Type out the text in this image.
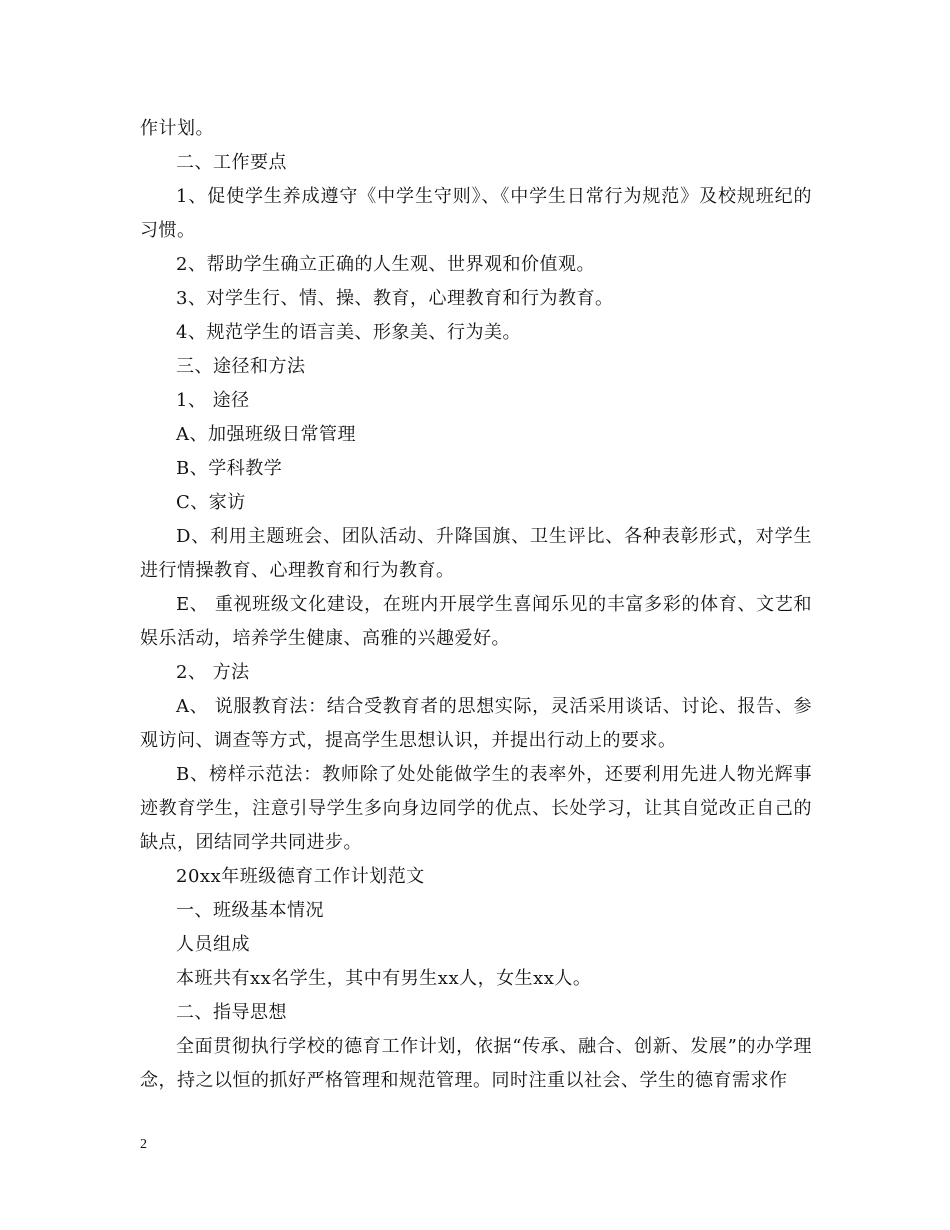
作计划。

二、工作要点

1、促使学生养成遵守《中学生守则》、《中学生日常行为规范》及校规班纪的习惯。

2、帮助学生确立正确的人生观、世界观和价值观。

3、对学生行、情、操、教育，心理教育和行为教育。

4、规范学生的语言美、形象美、行为美。

三、途径和方法

1、 途径

A、加强班级日常管理

B、学科教学

C、家访

D、利用主题班会、团队活动、升降国旗、卫生评比、各种表彰形式，对学生进行情操教育、心理教育和行为教育。

E、 重视班级文化建设，在班内开展学生喜闻乐见的丰富多彩的体育、文艺和娱乐活动，培养学生健康、高雅的兴趣爱好。

2、 方法

A、 说服教育法：结合受教育者的思想实际，灵活采用谈话、讨论、报告、参观访问、调查等方式，提高学生思想认识，并提出行动上的要求。

B、榜样示范法：教师除了处处能做学生的表率外，还要利用先进人物光辉事迹教育学生，注意引导学生多向身边同学的优点、长处学习，让其自觉改正自己的缺点，团结同学共同进步。

20xx年班级德育工作计划范文

一、班级基本情况

人员组成

本班共有xx名学生，其中有男生xx人，女生xx人。

二、指导思想

全面贯彻执行学校的德育工作计划，依据“传承、融合、创新、发展”的办学理念，持之以恒的抓好严格管理和规范管理。同时注重以社会、学生的德育需求作

2
